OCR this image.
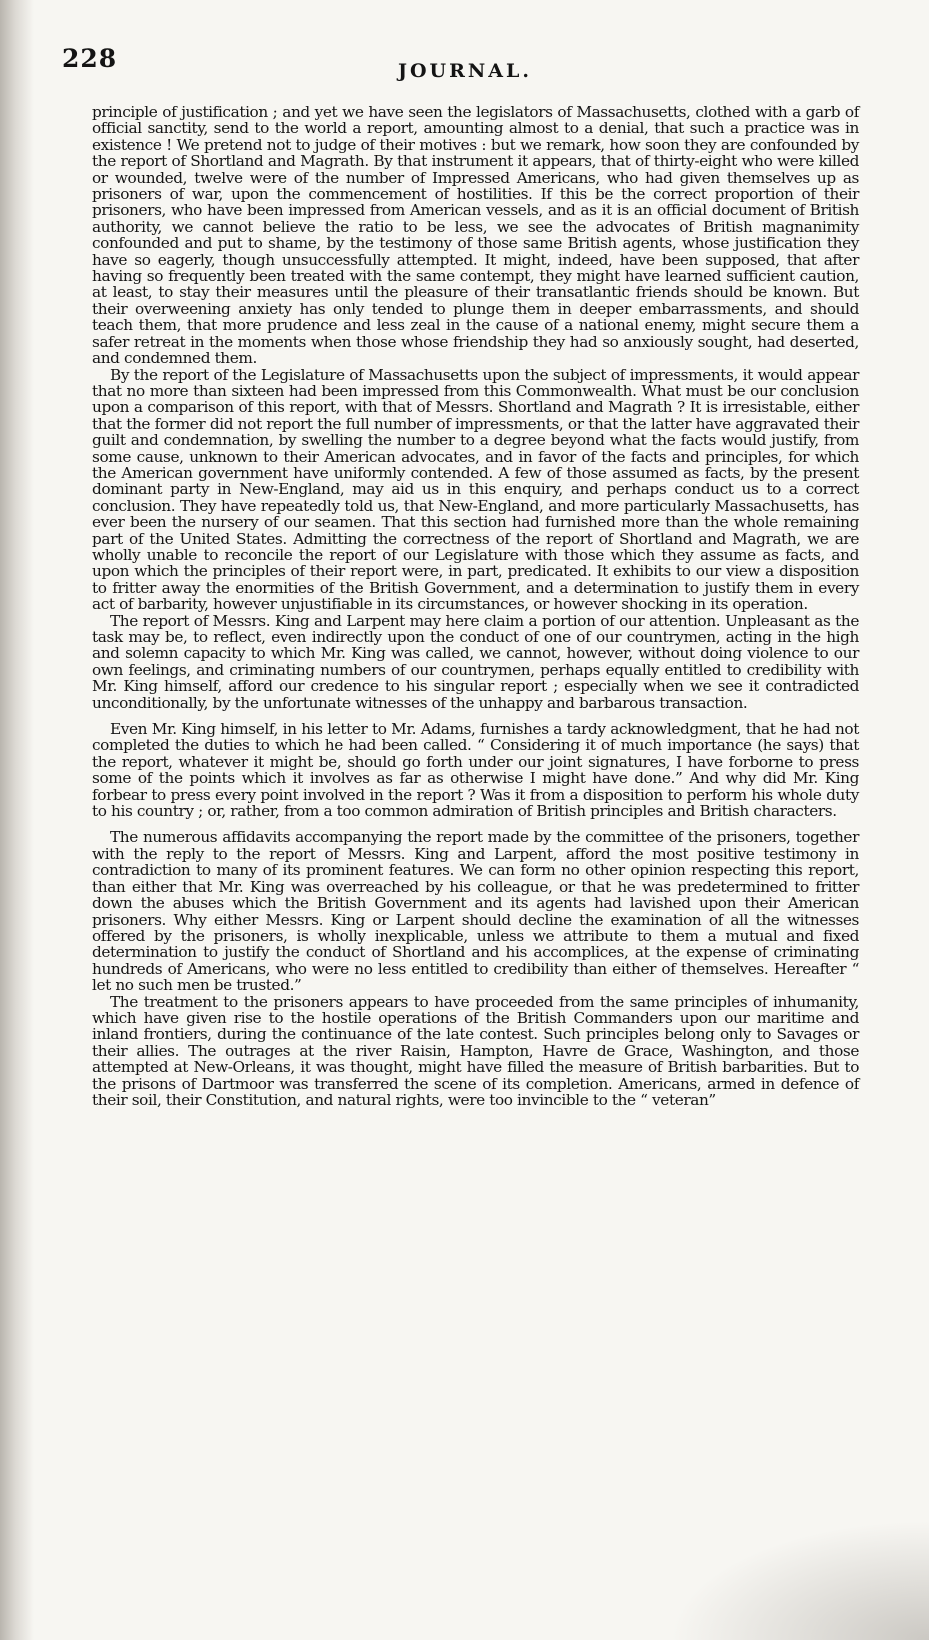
228	JOURNAL.

principle of justification ; and yet we have seen the legislators of Massachusetts, clothed with a garb of official sanctity, send to the world a report, amounting almost to a denial, that such a practice was in existence ! We pretend not to judge of their motives : but we remark, how soon they are confounded by the report of Shortland and Magrath. By that instrument it appears, that of thirty-eight who were killed or wounded, twelve were of the number of Impressed Americans, who had given themselves up as prisoners of war, upon the commencement of hostilities. If this be the correct proportion of their prisoners, who have been impressed from American vessels, and as it is an official document of British authority, we cannot believe the ratio to be less, we see the advocates of British magnanimity confounded and put to shame, by the testimony of those same British agents, whose justification they have so eagerly, though unsuccessfully attempted. It might, indeed, have been supposed, that after having so frequently been treated with the same contempt, they might have learned sufficient caution, at least, to stay their measures until the pleasure of their transatlantic friends should be known. But their overweening anxiety has only tended to plunge them in deeper embarrassments, and should teach them, that more prudence and less zeal in the cause of a national enemy, might secure them a safer retreat in the moments when those whose friendship they had so anxiously sought, had deserted, and condemned them.

By the report of the Legislature of Massachusetts upon the subject of impressments, it would appear that no more than sixteen had been impressed from this Commonwealth. What must be our conclusion upon a comparison of this report, with that of Messrs. Shortland and Magrath ? It is irresistable, either that the former did not report the full number of impressments, or that the latter have aggravated their guilt and condemnation, by swelling the number to a degree beyond what the facts would justify, from some cause, unknown to their American advocates, and in favor of the facts and principles, for which the American government have uniformly contended. A few of those assumed as facts, by the present dominant party in New-England, may aid us in this enquiry, and perhaps conduct us to a correct conclusion. They have repeatedly told us, that New-England, and more particularly Massachusetts, has ever been the nursery of our seamen. That this section had furnished more than the whole remaining part of the United States. Admitting the correctness of the report of Shortland and Magrath, we are wholly unable to reconcile the report of our Legislature with those which they assume as facts, and upon which the principles of their report were, in part, predicated. It exhibits to our view a disposition to fritter away the enormities of the British Government, and a determination to justify them in every act of barbarity, however unjustifiable in its circumstances, or however shocking in its operation.

The report of Messrs. King and Larpent may here claim a portion of our attention. Unpleasant as the task may be, to reflect, even indirectly upon the conduct of one of our countrymen, acting in the high and solemn capacity to which Mr. King was called, we cannot, however, without doing violence to our own feelings, and criminating numbers of our countrymen, perhaps equally entitled to credibility with Mr. King himself, afford our credence to his singular report ; especially when we see it contradicted unconditionally, by the unfortunate witnesses of the unhappy and barbarous transaction.

Even Mr. King himself, in his letter to Mr. Adams, furnishes a tardy acknowledgment, that he had not completed the duties to which he had been called. “ Considering it of much importance (he says) that the report, whatever it might be, should go forth under our joint signatures, I have forborne to press some of the points which it involves as far as otherwise I might have done.” And why did Mr. King forbear to press every point involved in the report ? Was it from a disposition to perform his whole duty to his country ; or, rather, from a too common admiration of British principles and British characters.

The numerous affidavits accompanying the report made by the committee of the prisoners, together with the reply to the report of Messrs. King and Larpent, afford the most positive testimony in contradiction to many of its prominent features. We can form no other opinion respecting this report, than either that Mr. King was overreached by his colleague, or that he was predetermined to fritter down the abuses which the British Government and its agents had lavished upon their American prisoners. Why either Messrs. King or Larpent should decline the examination of all the witnesses offered by the prisoners, is wholly inexplicable, unless we attribute to them a mutual and fixed determination to justify the conduct of Shortland and his accomplices, at the expense of criminating hundreds of Americans, who were no less entitled to credibility than either of themselves. Hereafter “ let no such men be trusted.”

The treatment to the prisoners appears to have proceeded from the same principles of inhumanity, which have given rise to the hostile operations of the British Commanders upon our maritime and inland frontiers, during the continuance of the late contest. Such principles belong only to Savages or their allies. The outrages at the river Raisin, Hampton, Havre de Grace, Washington, and those attempted at New-Orleans, it was thought, might have filled the measure of British barbarities. But to the prisons of Dartmoor was transferred the scene of its completion. Americans, armed in defence of their soil, their Constitution, and natural rights, were too invincible to the “ veteran”
